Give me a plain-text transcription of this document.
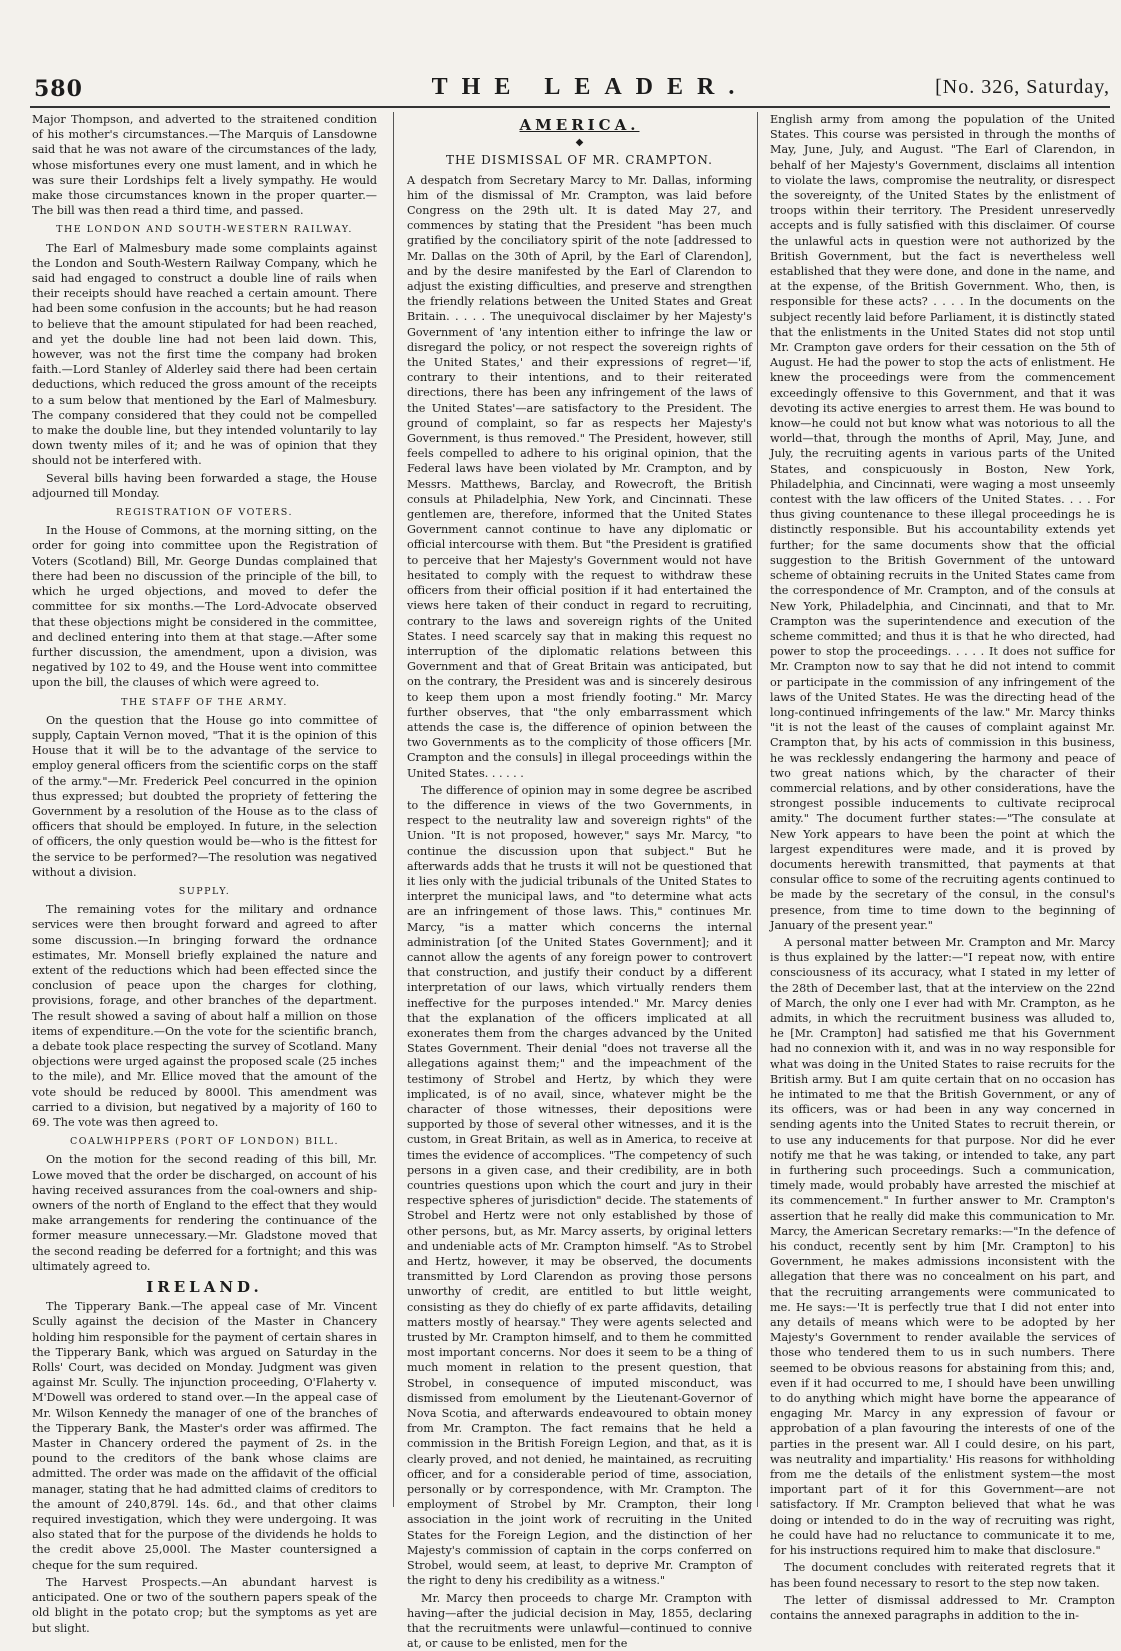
580	THE LEADER.	[No. 326, Saturday,

Major Thompson, and adverted to the straitened condition of his mother's circumstances.—The Marquis of Lansdowne said that he was not aware of the circumstances of the lady, whose misfortunes every one must lament, and in which he was sure their Lordships felt a lively sympathy. He would make those circumstances known in the proper quarter.—The bill was then read a third time, and passed.

THE LONDON AND SOUTH-WESTERN RAILWAY.

The Earl of Malmesbury made some complaints against the London and South-Western Railway Company, which he said had engaged to construct a double line of rails when their receipts should have reached a certain amount. There had been some confusion in the accounts; but he had reason to believe that the amount stipulated for had been reached, and yet the double line had not been laid down. This, however, was not the first time the company had broken faith.—Lord Stanley of Alderley said there had been certain deductions, which reduced the gross amount of the receipts to a sum below that mentioned by the Earl of Malmesbury. The company considered that they could not be compelled to make the double line, but they intended voluntarily to lay down twenty miles of it; and he was of opinion that they should not be interfered with.

Several bills having been forwarded a stage, the House adjourned till Monday.

REGISTRATION OF VOTERS.

In the House of Commons, at the morning sitting, on the order for going into committee upon the Registration of Voters (Scotland) Bill, Mr. George Dundas complained that there had been no discussion of the principle of the bill, to which he urged objections, and moved to defer the committee for six months.—The Lord-Advocate observed that these objections might be considered in the committee, and declined entering into them at that stage.—After some further discussion, the amendment, upon a division, was negatived by 102 to 49, and the House went into committee upon the bill, the clauses of which were agreed to.

THE STAFF OF THE ARMY.

On the question that the House go into committee of supply, Captain Vernon moved, "That it is the opinion of this House that it will be to the advantage of the service to employ general officers from the scientific corps on the staff of the army."—Mr. Frederick Peel concurred in the opinion thus expressed; but doubted the propriety of fettering the Government by a resolution of the House as to the class of officers that should be employed. In future, in the selection of officers, the only question would be—who is the fittest for the service to be performed?—The resolution was negatived without a division.

SUPPLY.

The remaining votes for the military and ordnance services were then brought forward and agreed to after some discussion.—In bringing forward the ordnance estimates, Mr. Monsell briefly explained the nature and extent of the reductions which had been effected since the conclusion of peace upon the charges for clothing, provisions, forage, and other branches of the department. The result showed a saving of about half a million on those items of expenditure.—On the vote for the scientific branch, a debate took place respecting the survey of Scotland. Many objections were urged against the proposed scale (25 inches to the mile), and Mr. Ellice moved that the amount of the vote should be reduced by 8000l. This amendment was carried to a division, but negatived by a majority of 160 to 69. The vote was then agreed to.

COALWHIPPERS (PORT OF LONDON) BILL.

On the motion for the second reading of this bill, Mr. Lowe moved that the order be discharged, on account of his having received assurances from the coal-owners and ship-owners of the north of England to the effect that they would make arrangements for rendering the continuance of the former measure unnecessary.—Mr. Gladstone moved that the second reading be deferred for a fortnight; and this was ultimately agreed to.

IRELAND.

The Tipperary Bank.—The appeal case of Mr. Vincent Scully against the decision of the Master in Chancery holding him responsible for the payment of certain shares in the Tipperary Bank, which was argued on Saturday in the Rolls' Court, was decided on Monday. Judgment was given against Mr. Scully. The injunction proceeding, O'Flaherty v. M'Dowell was ordered to stand over.—In the appeal case of Mr. Wilson Kennedy the manager of one of the branches of the Tipperary Bank, the Master's order was affirmed. The Master in Chancery ordered the payment of 2s. in the pound to the creditors of the bank whose claims are admitted. The order was made on the affidavit of the official manager, stating that he had admitted claims of creditors to the amount of 240,879l. 14s. 6d., and that other claims required investigation, which they were undergoing. It was also stated that for the purpose of the dividends he holds to the credit above 25,000l. The Master countersigned a cheque for the sum required.

The Harvest Prospects.—An abundant harvest is anticipated. One or two of the southern papers speak of the old blight in the potato crop; but the symptoms as yet are but slight.

AMERICA.
◆
THE DISMISSAL OF MR. CRAMPTON.

A despatch from Secretary Marcy to Mr. Dallas, informing him of the dismissal of Mr. Crampton, was laid before Congress on the 29th ult. It is dated May 27, and commences by stating that the President "has been much gratified by the conciliatory spirit of the note [addressed to Mr. Dallas on the 30th of April, by the Earl of Clarendon], and by the desire manifested by the Earl of Clarendon to adjust the existing difficulties, and preserve and strengthen the friendly relations between the United States and Great Britain. . . . . The unequivocal disclaimer by her Majesty's Government of 'any intention either to infringe the law or disregard the policy, or not respect the sovereign rights of the United States,' and their expressions of regret—'if, contrary to their intentions, and to their reiterated directions, there has been any infringement of the laws of the United States'—are satisfactory to the President. The ground of complaint, so far as respects her Majesty's Government, is thus removed." The President, however, still feels compelled to adhere to his original opinion, that the Federal laws have been violated by Mr. Crampton, and by Messrs. Matthews, Barclay, and Rowecroft, the British consuls at Philadelphia, New York, and Cincinnati. These gentlemen are, therefore, informed that the United States Government cannot continue to have any diplomatic or official intercourse with them. But "the President is gratified to perceive that her Majesty's Government would not have hesitated to comply with the request to withdraw these officers from their official position if it had entertained the views here taken of their conduct in regard to recruiting, contrary to the laws and sovereign rights of the United States. I need scarcely say that in making this request no interruption of the diplomatic relations between this Government and that of Great Britain was anticipated, but on the contrary, the President was and is sincerely desirous to keep them upon a most friendly footing." Mr. Marcy further observes, that "the only embarrassment which attends the case is, the difference of opinion between the two Governments as to the complicity of those officers [Mr. Crampton and the consuls] in illegal proceedings within the United States. . . . . .

The difference of opinion may in some degree be ascribed to the difference in views of the two Governments, in respect to the neutrality law and sovereign rights" of the Union. "It is not proposed, however," says Mr. Marcy, "to continue the discussion upon that subject." But he afterwards adds that he trusts it will not be questioned that it lies only with the judicial tribunals of the United States to interpret the municipal laws, and "to determine what acts are an infringement of those laws. This," continues Mr. Marcy, "is a matter which concerns the internal administration [of the United States Government]; and it cannot allow the agents of any foreign power to controvert that construction, and justify their conduct by a different interpretation of our laws, which virtually renders them ineffective for the purposes intended." Mr. Marcy denies that the explanation of the officers implicated at all exonerates them from the charges advanced by the United States Government. Their denial "does not traverse all the allegations against them;" and the impeachment of the testimony of Strobel and Hertz, by which they were implicated, is of no avail, since, whatever might be the character of those witnesses, their depositions were supported by those of several other witnesses, and it is the custom, in Great Britain, as well as in America, to receive at times the evidence of accomplices. "The competency of such persons in a given case, and their credibility, are in both countries questions upon which the court and jury in their respective spheres of jurisdiction" decide. The statements of Strobel and Hertz were not only established by those of other persons, but, as Mr. Marcy asserts, by original letters and undeniable acts of Mr. Crampton himself. "As to Strobel and Hertz, however, it may be observed, the documents transmitted by Lord Clarendon as proving those persons unworthy of credit, are entitled to but little weight, consisting as they do chiefly of ex parte affidavits, detailing matters mostly of hearsay." They were agents selected and trusted by Mr. Crampton himself, and to them he committed most important concerns. Nor does it seem to be a thing of much moment in relation to the present question, that Strobel, in consequence of imputed misconduct, was dismissed from emolument by the Lieutenant-Governor of Nova Scotia, and afterwards endeavoured to obtain money from Mr. Crampton. The fact remains that he held a commission in the British Foreign Legion, and that, as it is clearly proved, and not denied, he maintained, as recruiting officer, and for a considerable period of time, association, personally or by correspondence, with Mr. Crampton. The employment of Strobel by Mr. Crampton, their long association in the joint work of recruiting in the United States for the Foreign Legion, and the distinction of her Majesty's commission of captain in the corps conferred on Strobel, would seem, at least, to deprive Mr. Crampton of the right to deny his credibility as a witness."

Mr. Marcy then proceeds to charge Mr. Crampton with having—after the judicial decision in May, 1855, declaring that the recruitments were unlawful—continued to connive at, or cause to be enlisted, men for the

English army from among the population of the United States. This course was persisted in through the months of May, June, July, and August. "The Earl of Clarendon, in behalf of her Majesty's Government, disclaims all intention to violate the laws, compromise the neutrality, or disrespect the sovereignty, of the United States by the enlistment of troops within their territory. The President unreservedly accepts and is fully satisfied with this disclaimer. Of course the unlawful acts in question were not authorized by the British Government, but the fact is nevertheless well established that they were done, and done in the name, and at the expense, of the British Government. Who, then, is responsible for these acts? . . . . In the documents on the subject recently laid before Parliament, it is distinctly stated that the enlistments in the United States did not stop until Mr. Crampton gave orders for their cessation on the 5th of August. He had the power to stop the acts of enlistment. He knew the proceedings were from the commencement exceedingly offensive to this Government, and that it was devoting its active energies to arrest them. He was bound to know—he could not but know what was notorious to all the world—that, through the months of April, May, June, and July, the recruiting agents in various parts of the United States, and conspicuously in Boston, New York, Philadelphia, and Cincinnati, were waging a most unseemly contest with the law officers of the United States. . . . For thus giving countenance to these illegal proceedings he is distinctly responsible. But his accountability extends yet further; for the same documents show that the official suggestion to the British Government of the untoward scheme of obtaining recruits in the United States came from the correspondence of Mr. Crampton, and of the consuls at New York, Philadelphia, and Cincinnati, and that to Mr. Crampton was the superintendence and execution of the scheme committed; and thus it is that he who directed, had power to stop the proceedings. . . . . It does not suffice for Mr. Crampton now to say that he did not intend to commit or participate in the commission of any infringement of the laws of the United States. He was the directing head of the long-continued infringements of the law." Mr. Marcy thinks "it is not the least of the causes of complaint against Mr. Crampton that, by his acts of commission in this business, he was recklessly endangering the harmony and peace of two great nations which, by the character of their commercial relations, and by other considerations, have the strongest possible inducements to cultivate reciprocal amity." The document further states:—"The consulate at New York appears to have been the point at which the largest expenditures were made, and it is proved by documents herewith transmitted, that payments at that consular office to some of the recruiting agents continued to be made by the secretary of the consul, in the consul's presence, from time to time down to the beginning of January of the present year."

A personal matter between Mr. Crampton and Mr. Marcy is thus explained by the latter:—"I repeat now, with entire consciousness of its accuracy, what I stated in my letter of the 28th of December last, that at the interview on the 22nd of March, the only one I ever had with Mr. Crampton, as he admits, in which the recruitment business was alluded to, he [Mr. Crampton] had satisfied me that his Government had no connexion with it, and was in no way responsible for what was doing in the United States to raise recruits for the British army. But I am quite certain that on no occasion has he intimated to me that the British Government, or any of its officers, was or had been in any way concerned in sending agents into the United States to recruit therein, or to use any inducements for that purpose. Nor did he ever notify me that he was taking, or intended to take, any part in furthering such proceedings. Such a communication, timely made, would probably have arrested the mischief at its commencement." In further answer to Mr. Crampton's assertion that he really did make this communication to Mr. Marcy, the American Secretary remarks:—"In the defence of his conduct, recently sent by him [Mr. Crampton] to his Government, he makes admissions inconsistent with the allegation that there was no concealment on his part, and that the recruiting arrangements were communicated to me. He says:—'It is perfectly true that I did not enter into any details of means which were to be adopted by her Majesty's Government to render available the services of those who tendered them to us in such numbers. There seemed to be obvious reasons for abstaining from this; and, even if it had occurred to me, I should have been unwilling to do anything which might have borne the appearance of engaging Mr. Marcy in any expression of favour or approbation of a plan favouring the interests of one of the parties in the present war. All I could desire, on his part, was neutrality and impartiality.' His reasons for withholding from me the details of the enlistment system—the most important part of it for this Government—are not satisfactory. If Mr. Crampton believed that what he was doing or intended to do in the way of recruiting was right, he could have had no reluctance to communicate it to me, for his instructions required him to make that disclosure."

The document concludes with reiterated regrets that it has been found necessary to resort to the step now taken.

The letter of dismissal addressed to Mr. Crampton contains the annexed paragraphs in addition to the in-
